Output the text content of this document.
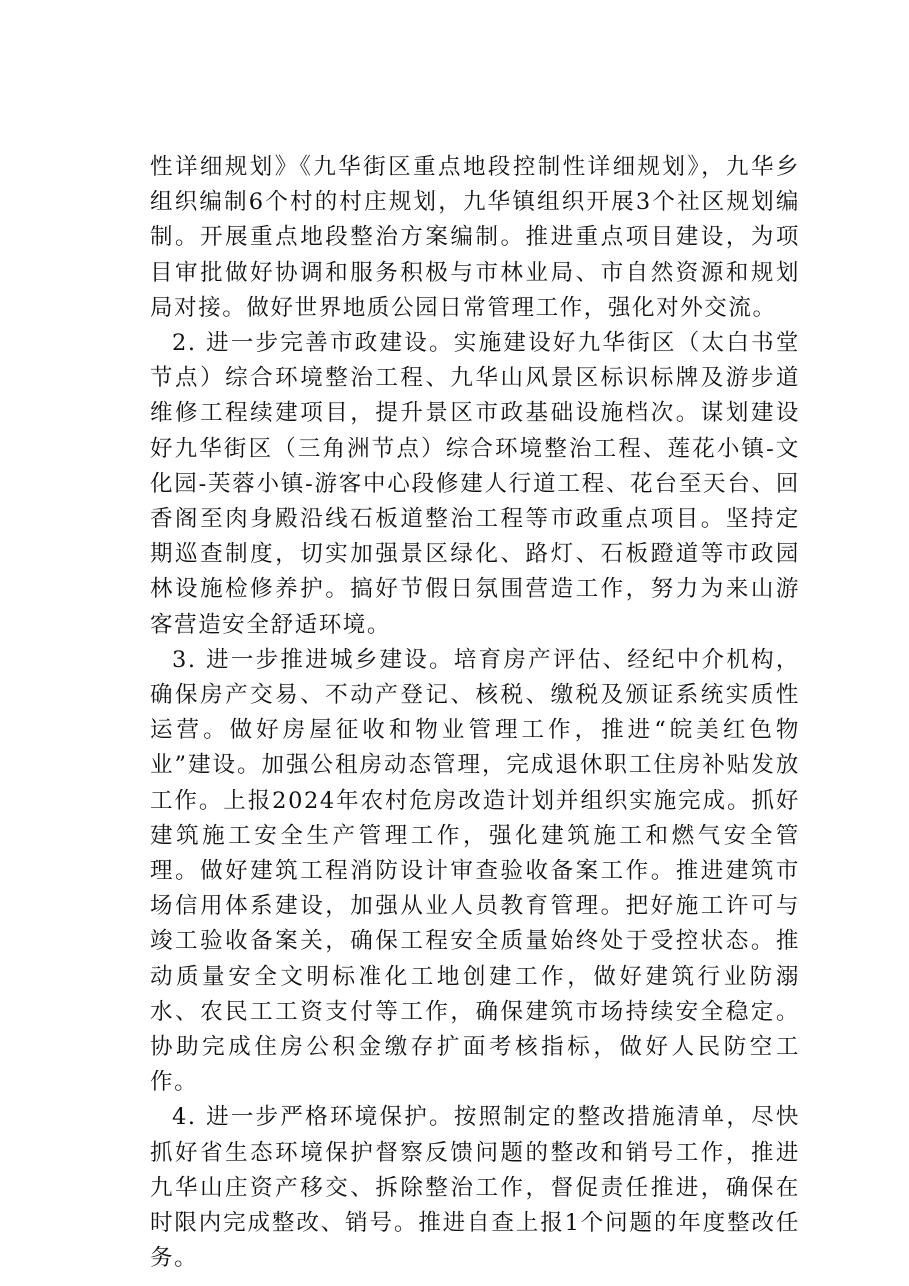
性详细规划》《九华街区重点地段控制性详细规划》，九华乡组织编制6个村的村庄规划，九华镇组织开展3个社区规划编制。开展重点地段整治方案编制。推进重点项目建设，为项目审批做好协调和服务积极与市林业局、市自然资源和规划局对接。做好世界地质公园日常管理工作，强化对外交流。

2. 进一步完善市政建设。实施建设好九华街区（太白书堂节点）综合环境整治工程、九华山风景区标识标牌及游步道维修工程续建项目，提升景区市政基础设施档次。谋划建设好九华街区（三角洲节点）综合环境整治工程、莲花小镇-文化园-芙蓉小镇-游客中心段修建人行道工程、花台至天台、回香阁至肉身殿沿线石板道整治工程等市政重点项目。坚持定期巡查制度，切实加强景区绿化、路灯、石板蹬道等市政园林设施检修养护。搞好节假日氛围营造工作，努力为来山游客营造安全舒适环境。

3. 进一步推进城乡建设。培育房产评估、经纪中介机构，确保房产交易、不动产登记、核税、缴税及颁证系统实质性运营。做好房屋征收和物业管理工作，推进“皖美红色物业”建设。加强公租房动态管理，完成退休职工住房补贴发放工作。上报2024年农村危房改造计划并组织实施完成。抓好建筑施工安全生产管理工作，强化建筑施工和燃气安全管理。做好建筑工程消防设计审查验收备案工作。推进建筑市场信用体系建设，加强从业人员教育管理。把好施工许可与竣工验收备案关，确保工程安全质量始终处于受控状态。推动质量安全文明标准化工地创建工作，做好建筑行业防溺水、农民工工资支付等工作，确保建筑市场持续安全稳定。协助完成住房公积金缴存扩面考核指标，做好人民防空工作。

4. 进一步严格环境保护。按照制定的整改措施清单，尽快抓好省生态环境保护督察反馈问题的整改和销号工作，推进九华山庄资产移交、拆除整治工作，督促责任推进，确保在时限内完成整改、销号。推进自查上报1个问题的年度整改任务。
